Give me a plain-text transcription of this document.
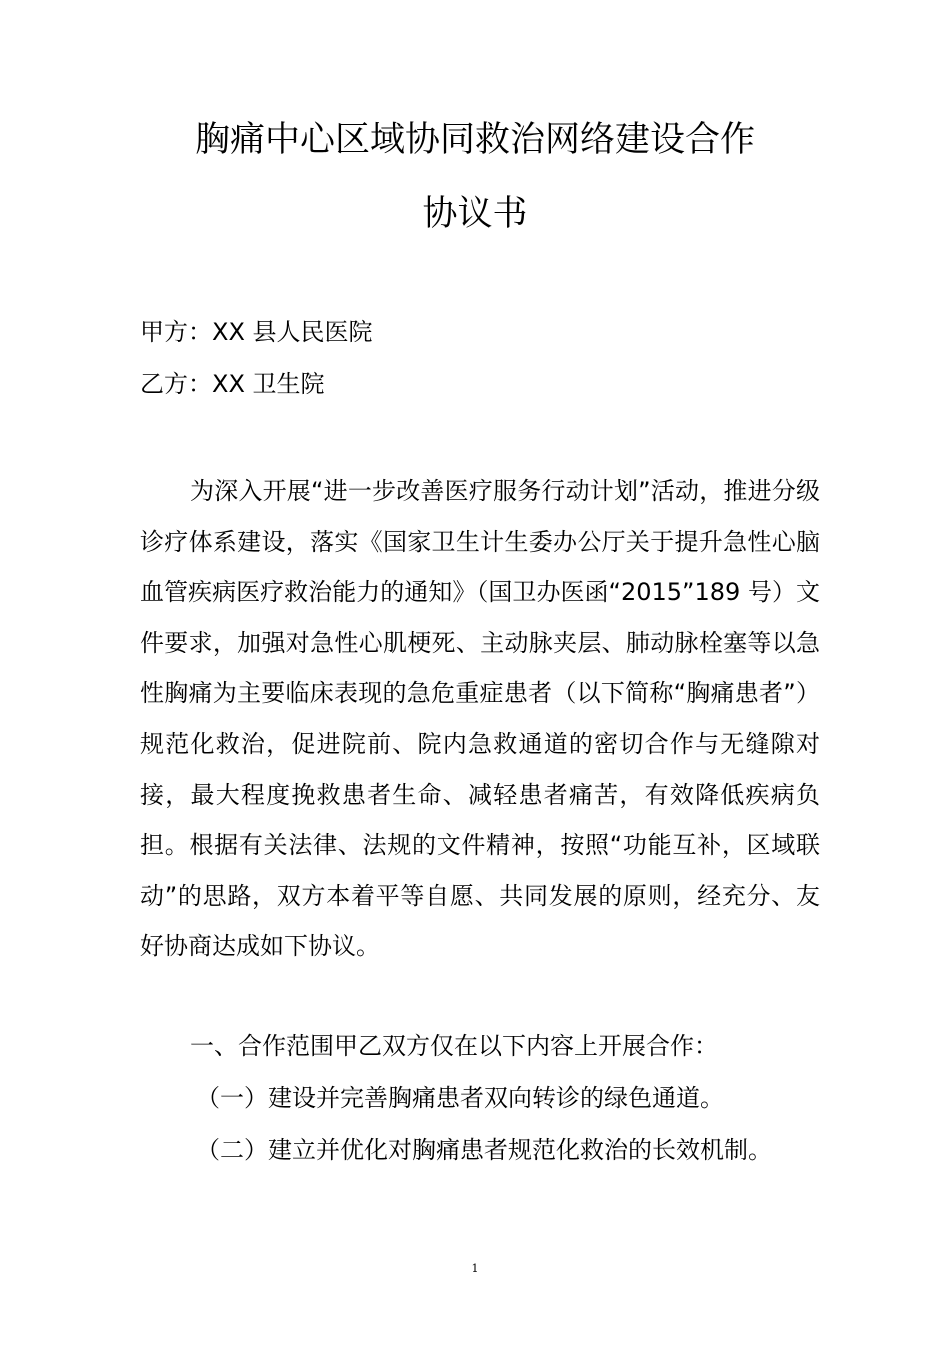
胸痛中心区域协同救治网络建设合作
协议书
甲方：XX 县人民医院
乙方：XX 卫生院
为深入开展“进一步改善医疗服务行动计划”活动，推进分级诊疗体系建设，落实《国家卫生计生委办公厅关于提升急性心脑血管疾病医疗救治能力的通知》（国卫办医函“2015”189 号）文件要求，加强对急性心肌梗死、主动脉夹层、肺动脉栓塞等以急性胸痛为主要临床表现的急危重症患者（以下简称“胸痛患者”）规范化救治，促进院前、院内急救通道的密切合作与无缝隙对接，最大程度挽救患者生命、减轻患者痛苦，有效降低疾病负担。根据有关法律、法规的文件精神，按照“功能互补，区域联动”的思路，双方本着平等自愿、共同发展的原则，经充分、友好协商达成如下协议。
一、合作范围甲乙双方仅在以下内容上开展合作：
（一）建设并完善胸痛患者双向转诊的绿色通道。
（二）建立并优化对胸痛患者规范化救治的长效机制。
1
